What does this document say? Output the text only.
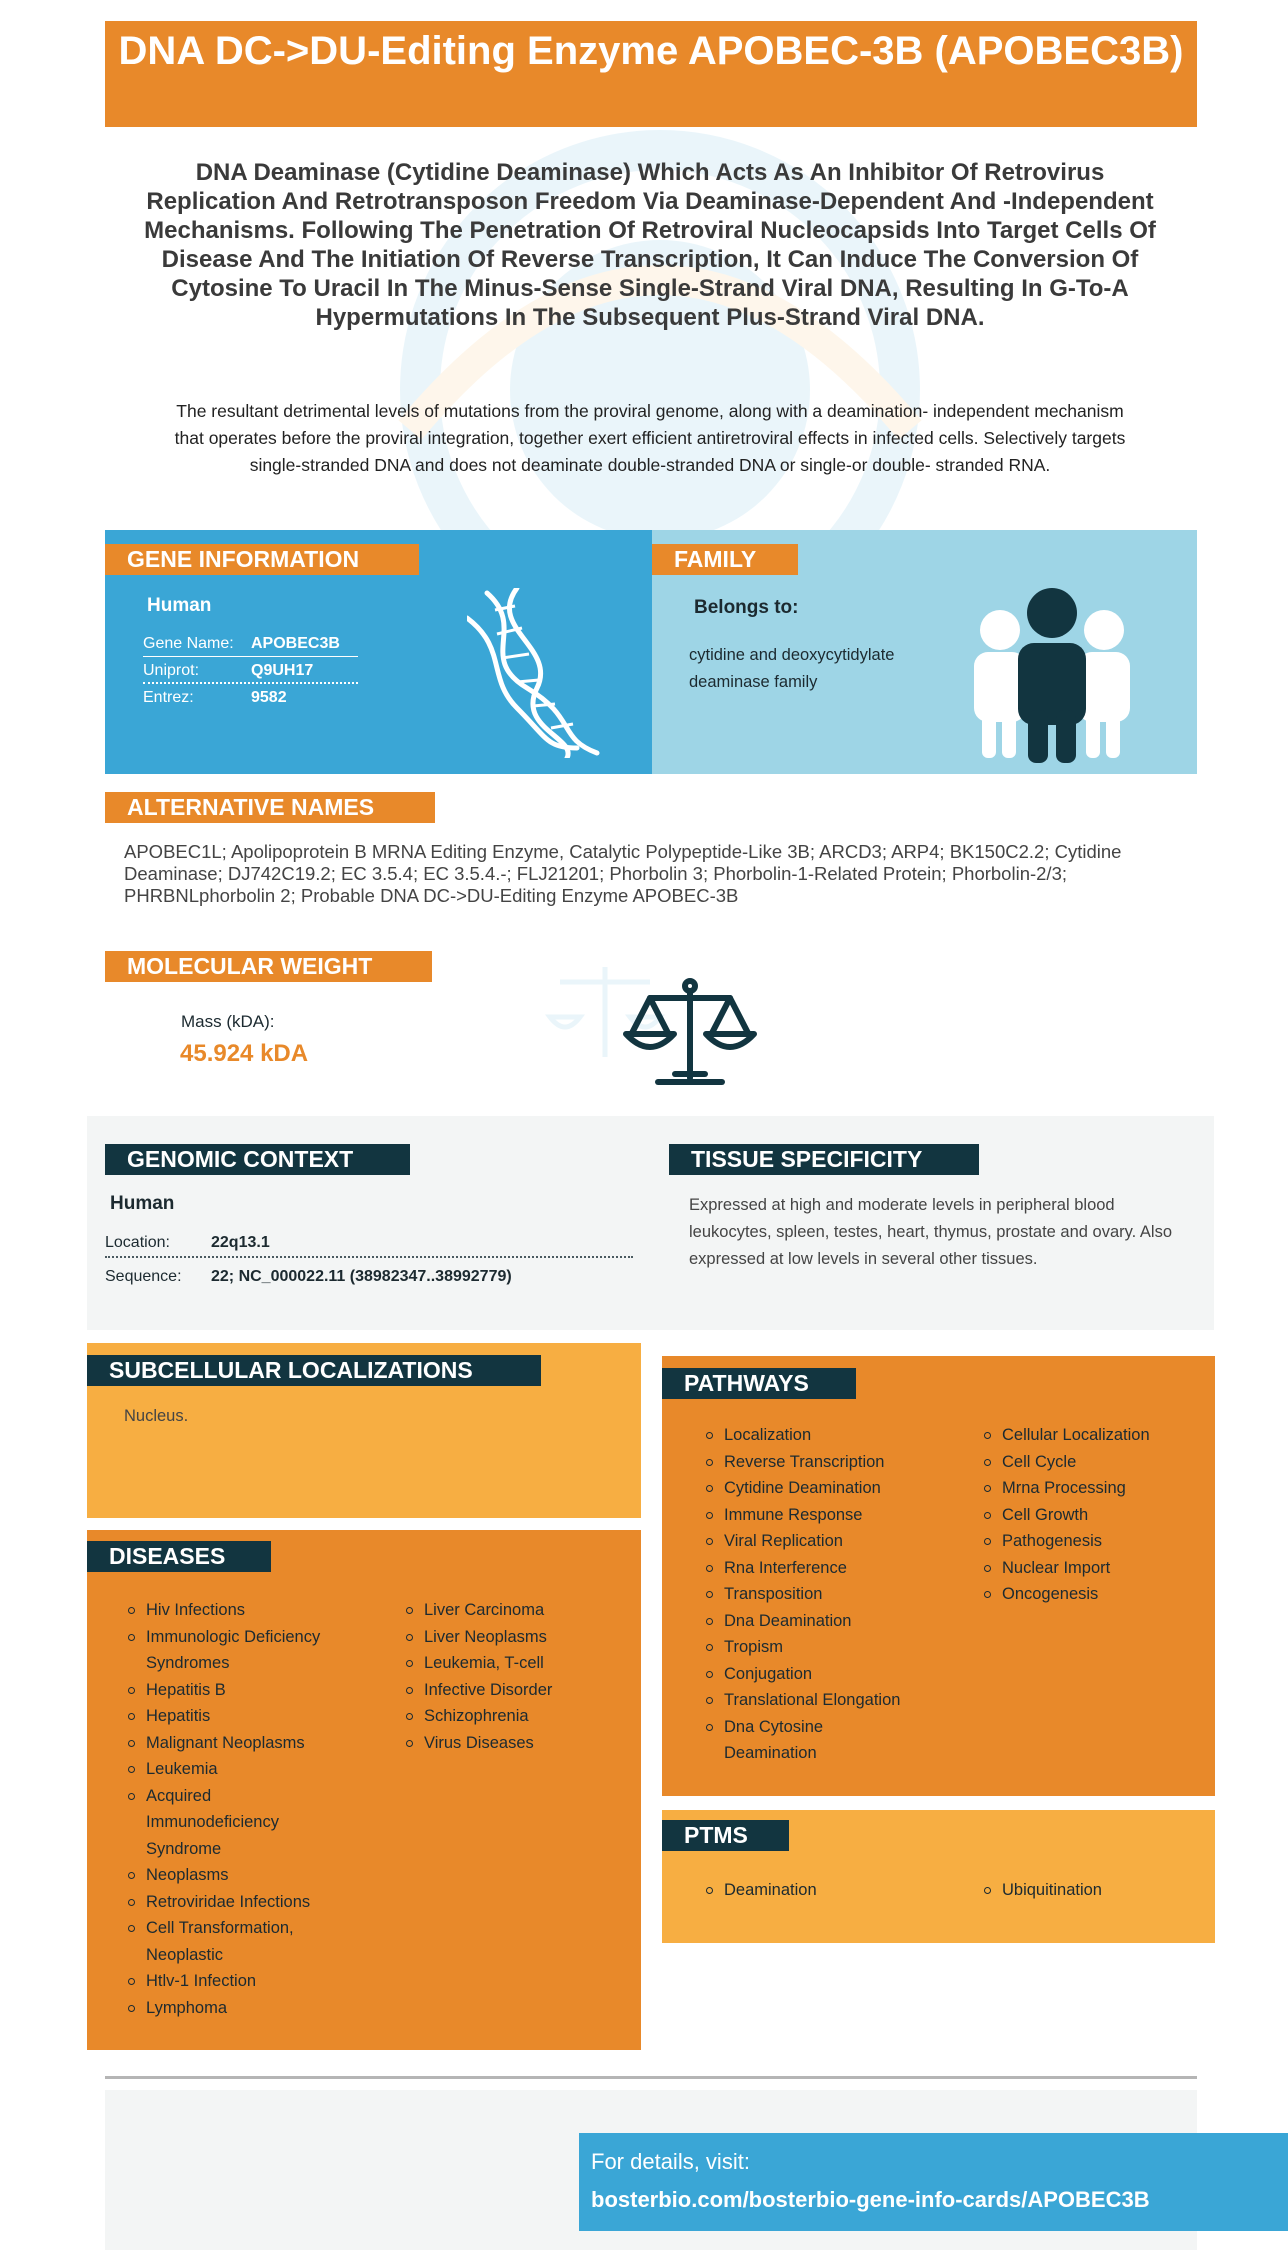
DNA DC->DU-Editing Enzyme APOBEC-3B (APOBEC3B)
DNA Deaminase (Cytidine Deaminase) Which Acts As An Inhibitor Of Retrovirus Replication And Retrotransposon Freedom Via Deaminase-Dependent And -Independent Mechanisms. Following The Penetration Of Retroviral Nucleocapsids Into Target Cells Of Disease And The Initiation Of Reverse Transcription, It Can Induce The Conversion Of Cytosine To Uracil In The Minus-Sense Single-Strand Viral DNA, Resulting In G-To-A Hypermutations In The Subsequent Plus-Strand Viral DNA.
The resultant detrimental levels of mutations from the proviral genome, along with a deamination- independent mechanism that operates before the proviral integration, together exert efficient antiretroviral effects in infected cells. Selectively targets single-stranded DNA and does not deaminate double-stranded DNA or single-or double- stranded RNA.
GENE INFORMATION
Human
Gene Name: APOBEC3B
Uniprot:	Q9UH17
Entrez:	9582
FAMILY
Belongs to:
cytidine and deoxycytidylate deaminase family
ALTERNATIVE NAMES
APOBEC1L; Apolipoprotein B MRNA Editing Enzyme, Catalytic Polypeptide-Like 3B; ARCD3; ARP4; BK150C2.2; Cytidine Deaminase; DJ742C19.2; EC 3.5.4; EC 3.5.4.-; FLJ21201; Phorbolin 3; Phorbolin-1-Related Protein; Phorbolin-2/3; PHRBNLphorbolin 2; Probable DNA DC->DU-Editing Enzyme APOBEC-3B
MOLECULAR WEIGHT
Mass (kDA):
45.924 kDA
GENOMIC CONTEXT
Human
Location:	22q13.1
Sequence: 22; NC_000022.11 (38982347..38992779)
TISSUE SPECIFICITY
Expressed at high and moderate levels in peripheral blood leukocytes, spleen, testes, heart, thymus, prostate and ovary. Also expressed at low levels in several other tissues.
SUBCELLULAR LOCALIZATIONS
Nucleus.
DISEASES
Hiv Infections
Immunologic Deficiency Syndromes
Hepatitis B
Hepatitis
Malignant Neoplasms
Leukemia
Acquired Immunodeficiency Syndrome
Neoplasms
Retroviridae Infections
Cell Transformation, Neoplastic
Htlv-1 Infection
Lymphoma
Liver Carcinoma
Liver Neoplasms
Leukemia, T-cell
Infective Disorder
Schizophrenia
Virus Diseases
PATHWAYS
Localization
Reverse Transcription
Cytidine Deamination
Immune Response
Viral Replication
Rna Interference
Transposition
Dna Deamination
Tropism
Conjugation
Translational Elongation
Dna Cytosine Deamination
Cellular Localization
Cell Cycle
Mrna Processing
Cell Growth
Pathogenesis
Nuclear Import
Oncogenesis
PTMS
Deamination	Ubiquitination
For details, visit:
bosterbio.com/bosterbio-gene-info-cards/APOBEC3B
